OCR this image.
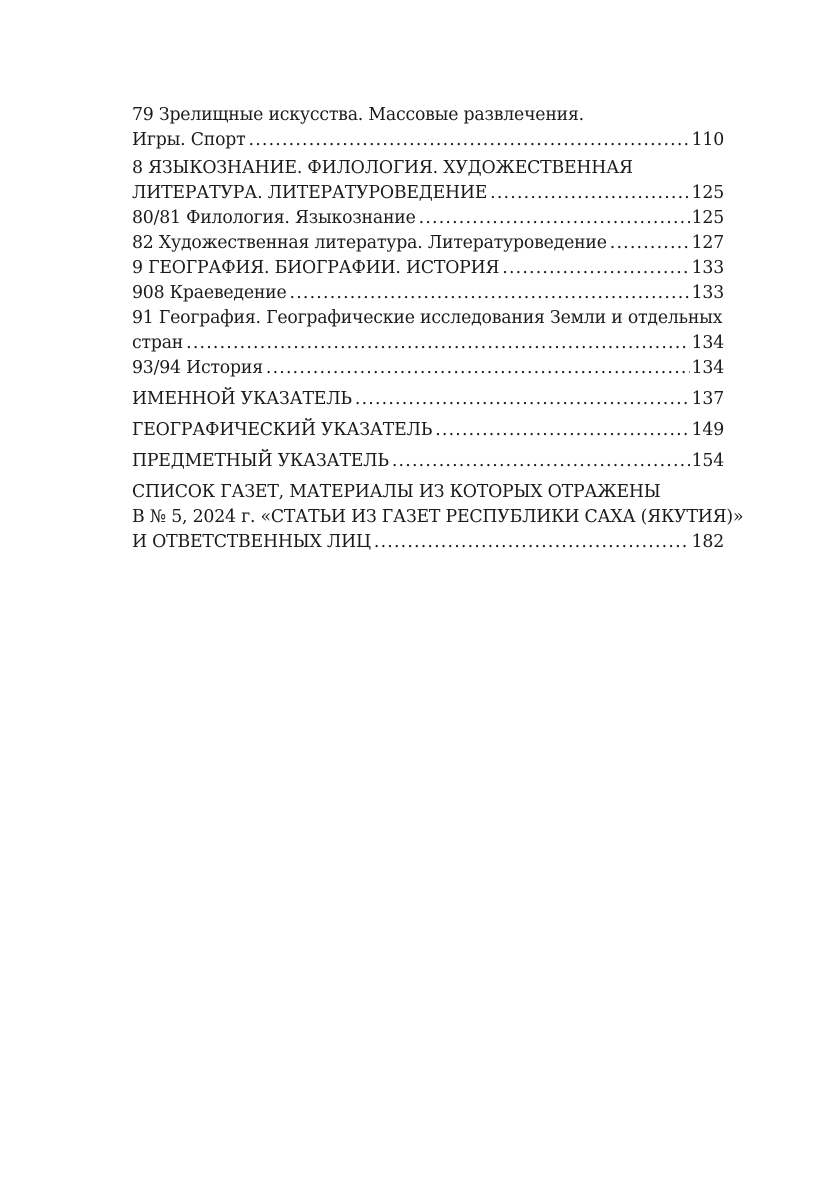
79 Зрелищные искусства. Массовые развлечения.
Игры. Спорт .....	110
8 ЯЗЫКОЗНАНИЕ. ФИЛОЛОГИЯ. ХУДОЖЕСТВЕННАЯ
ЛИТЕРАТУРА. ЛИТЕРАТУРОВЕДЕНИЕ .....	125
80/81 Филология. Языкознание .....	125
82 Художественная литература. Литературоведение .....	127
9 ГЕОГРАФИЯ. БИОГРАФИИ. ИСТОРИЯ .....	133
908 Краеведение .....	133
91 География. Географические исследования Земли и отдельных
стран .....	134
93/94 История .....	134
ИМЕННОЙ УКАЗАТЕЛЬ .....	137
ГЕОГРАФИЧЕСКИЙ УКАЗАТЕЛЬ .....	149
ПРЕДМЕТНЫЙ УКАЗАТЕЛЬ .....	154
СПИСОК ГАЗЕТ, МАТЕРИАЛЫ ИЗ КОТОРЫХ ОТРАЖЕНЫ
В № 5, 2024 г. «СТАТЬИ ИЗ ГАЗЕТ РЕСПУБЛИКИ САХА (ЯКУТИЯ)»
И ОТВЕТСТВЕННЫХ ЛИЦ .....	182
